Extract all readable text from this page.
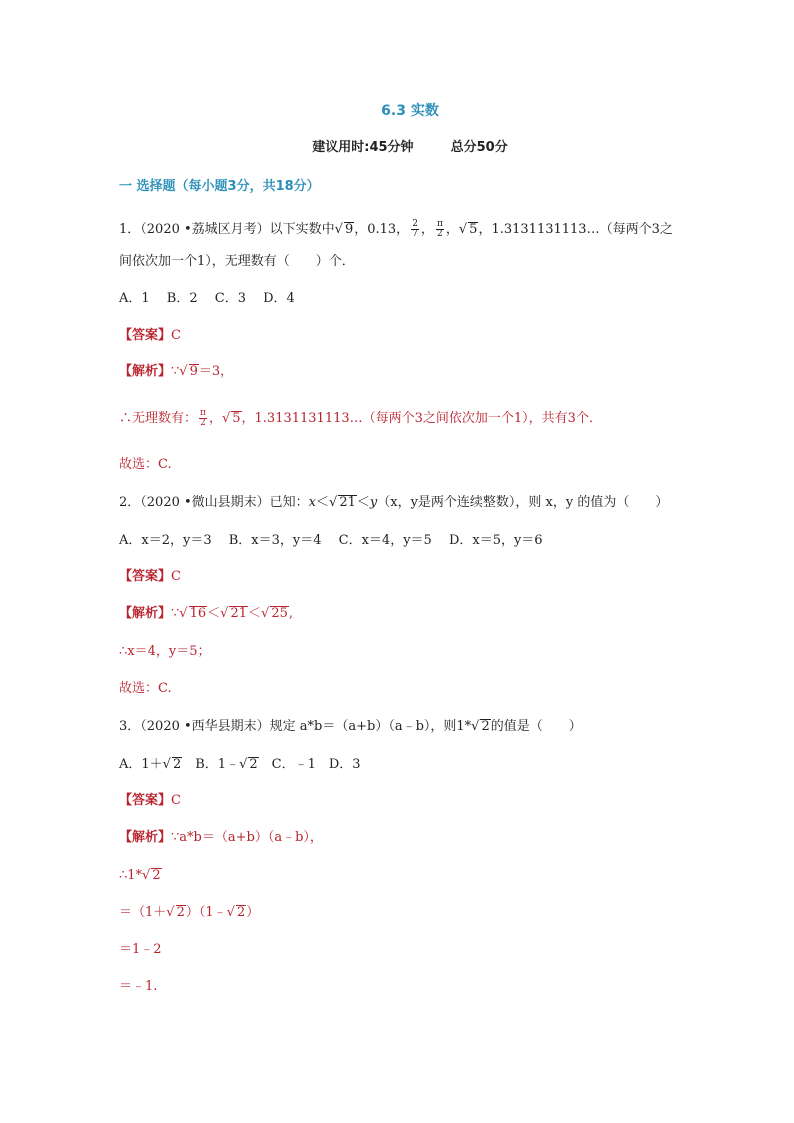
6.3 实数
建议用时:45分钟	总分50分
一 选择题（每小题3分，共18分）
1．（2020 •荔城区月考）以下实数中√ 9，0.13， $\frac{2}{7}$ ， $\frac{\pi}{2}$ ，√ 5，1.3131131113…（每两个3之
间依次加一个1），无理数有（　　）个．
A．1　 B．2　 C．3　 D．4
【答案】C
【解析】∵√ 9＝3，
∴无理数有： $\frac{\pi}{2}$ ，√ 5，1.3131131113…（每两个3之间依次加一个1），共有3个．
故选：C.
2．（2020 •微山县期末）已知：x＜√ 21＜y（x，y是两个连续整数），则 x，y 的值为（　　）
A．x＝2，y＝3　 B．x＝3，y＝4　 C．x＝4，y＝5　 D．x＝5，y＝6
【答案】C
【解析】∵√ 16＜√ 21＜√ 25,
∴x＝4，y＝5；
故选：C.
3．（2020 •西华县期末）规定 a*b＝（a+b）（a﹣b），则1*√ 2的值是（　　）
A．1＋√ 2　B．1﹣√ 2　C．﹣1　D．3
【答案】C
【解析】∵a*b＝（a+b）（a﹣b），
∴1*√ 2
＝（1＋√ 2）（1﹣√ 2）
＝1﹣2
＝﹣1.
